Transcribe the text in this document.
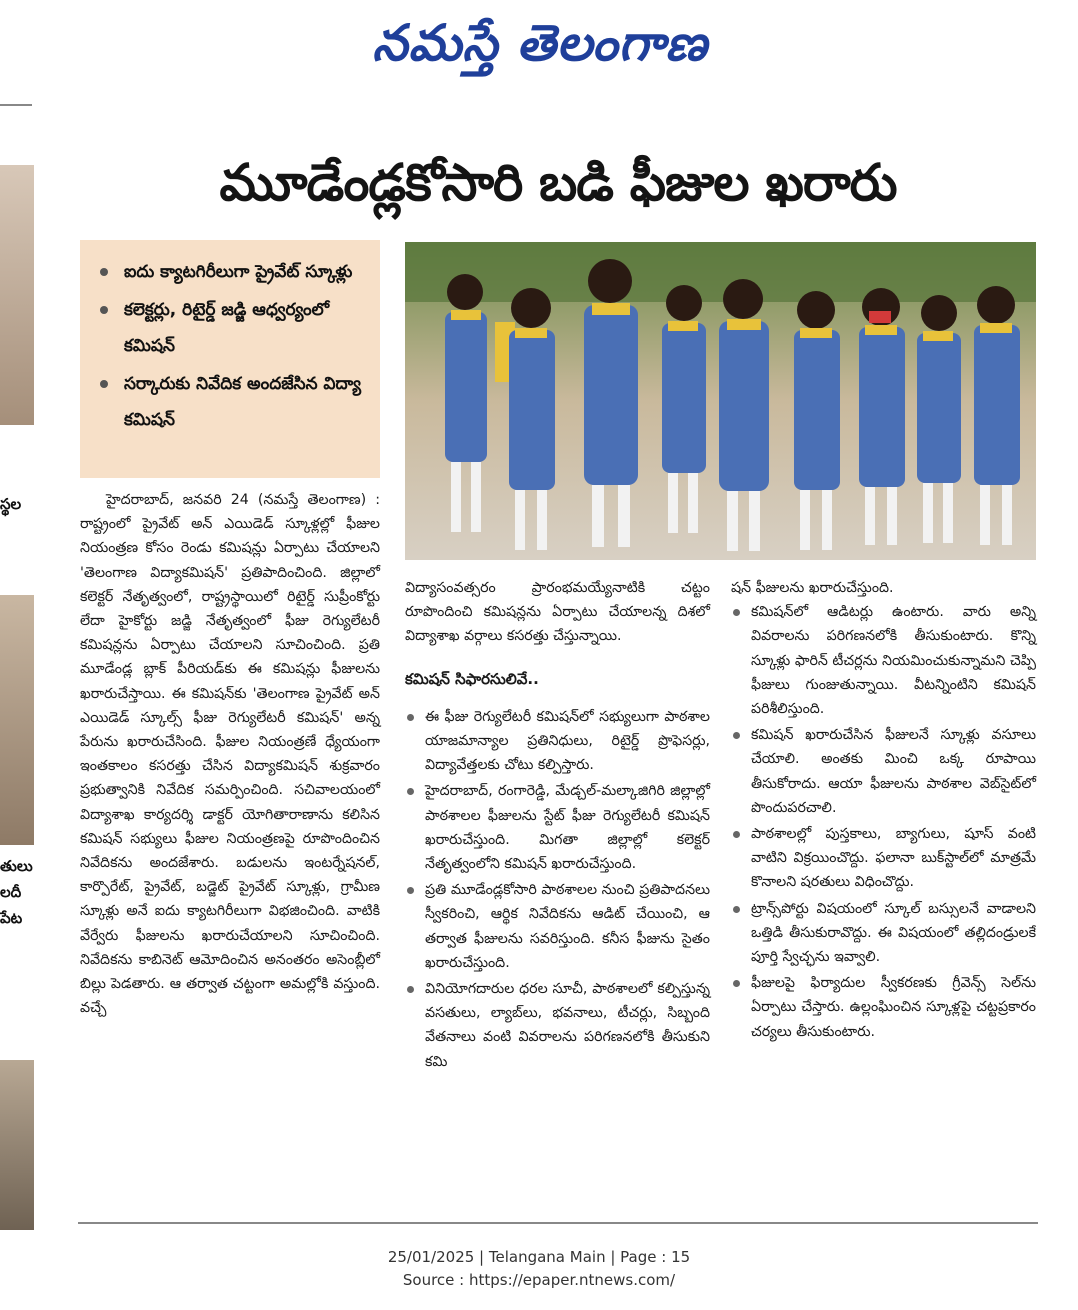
నమస్తే తెలంగాణ
స్థల
తులు
లదీ
పేట
మూడేండ్లకోసారి బడి ఫీజుల ఖరారు
ఐదు క్యాటగిరీలుగా ప్రైవేట్ స్కూళ్లు
కలెక్టర్లు, రిటైర్డ్ జడ్జి ఆధ్వర్యంలో కమిషన్
సర్కారుకు నివేదిక అందజేసిన విద్యా కమిషన్

హైదరాబాద్, జనవరి 24 (నమస్తే తెలంగాణ) : రాష్ట్రంలో ప్రైవేట్ అన్ ఎయిడెడ్ స్కూళ్లల్లో ఫీజుల నియంత్రణ కోసం రెండు కమిషన్లు ఏర్పాటు చేయాలని 'తెలంగాణ విద్యాకమిషన్' ప్రతిపాదించింది. జిల్లాలో కలెక్టర్ నేతృత్వంలో, రాష్ట్రస్థాయిలో రిటైర్డ్ సుప్రీంకోర్టు లేదా హైకోర్టు జడ్జి నేతృత్వంలో ఫీజు రెగ్యులేటరీ కమిషన్లను ఏర్పాటు చేయాలని సూచించింది. ప్రతి మూడేండ్ల బ్లాక్ పీరియడ్‌కు ఈ కమిషన్లు ఫీజులను ఖరారుచేస్తాయి. ఈ కమిషన్‌కు 'తెలంగాణ ప్రైవేట్ అన్ ఎయిడెడ్ స్కూల్స్ ఫీజు రెగ్యులేటరీ కమిషన్' అన్న పేరును ఖరారుచేసింది. ఫీజుల నియంత్రణే ధ్యేయంగా ఇంతకాలం కసరత్తు చేసిన విద్యాకమిషన్ శుక్రవారం ప్రభుత్వానికి నివేదిక సమర్పించింది. సచివాలయంలో విద్యాశాఖ కార్యదర్శి డాక్టర్ యోగితారాణాను కలిసిన కమిషన్ సభ్యులు ఫీజుల నియంత్రణపై రూపొందించిన నివేదికను అందజేశారు. బడులను ఇంటర్నేషనల్, కార్పొరేట్, ప్రైవేట్, బడ్జెట్ ప్రైవేట్ స్కూళ్లు, గ్రామీణ స్కూళ్లు అనే ఐదు క్యాటగిరీలుగా విభజించింది. వాటికి వేర్వేరు ఫీజులను ఖరారుచేయాలని సూచించింది. నివేదికను కాబినెట్ ఆమోదించిన అనంతరం అసెంబ్లీలో బిల్లు పెడతారు. ఆ తర్వాత చట్టంగా అమల్లోకి వస్తుంది. వచ్చే

విద్యాసంవత్సరం ప్రారంభమయ్యేనాటికి చట్టం రూపొందించి కమిషన్లను ఏర్పాటు చేయాలన్న దిశలో విద్యాశాఖ వర్గాలు కసరత్తు చేస్తున్నాయి.

కమిషన్ సిఫారసులివే..
ఈ ఫీజు రెగ్యులేటరీ కమిషన్‌లో సభ్యులుగా పాఠశాల యాజమాన్యాల ప్రతినిధులు, రిటైర్డ్ ప్రొఫెసర్లు, విద్యావేత్తలకు చోటు కల్పిస్తారు.
హైదరాబాద్, రంగారెడ్డి, మేడ్చల్-మల్కాజిగిరి జిల్లాల్లో పాఠశాలల ఫీజులను స్టేట్ ఫీజు రెగ్యులేటరీ కమిషన్ ఖరారుచేస్తుంది. మిగతా జిల్లాల్లో కలెక్టర్ నేతృత్వంలోని కమిషన్ ఖరారుచేస్తుంది.
ప్రతి మూడేండ్లకోసారి పాఠశాలల నుంచి ప్రతిపాదనలు స్వీకరించి, ఆర్థిక నివేదికను ఆడిట్ చేయించి, ఆ తర్వాత ఫీజులను సవరిస్తుంది. కనీస ఫీజును సైతం ఖరారుచేస్తుంది.
వినియోగదారుల ధరల సూచీ, పాఠశాలలో కల్పిస్తున్న వసతులు, ల్యాబ్‌లు, భవనాలు, టీచర్లు, సిబ్బంది వేతనాలు వంటి వివరాలను పరిగణనలోకి తీసుకుని కమి

షన్ ఫీజులను ఖరారుచేస్తుంది.

కమిషన్‌లో ఆడిటర్లు ఉంటారు. వారు అన్ని వివరాలను పరిగణనలోకి తీసుకుంటారు. కొన్ని స్కూళ్లు ఫారిన్ టీచర్లను నియమించుకున్నామని చెప్పి ఫీజులు గుంజుతున్నాయి. వీటన్నింటిని కమిషన్ పరిశీలిస్తుంది.
కమిషన్ ఖరారుచేసిన ఫీజులనే స్కూళ్లు వసూలు చేయాలి. అంతకు మించి ఒక్క రూపాయి తీసుకోరాదు. ఆయా ఫీజులను పాఠశాల వెబ్‌సైట్‌లో పొందుపరచాలి.
పాఠశాలల్లో పుస్తకాలు, బ్యాగులు, షూస్ వంటి వాటిని విక్రయించొద్దు. ఫలానా బుక్‌స్టాల్‌లో మాత్రమే కొనాలని షరతులు విధించొద్దు.
ట్రాన్స్‌పోర్టు విషయంలో స్కూల్ బస్సులనే వాడాలని ఒత్తిడి తీసుకురావొద్దు. ఈ విషయంలో తల్లిదండ్రులకే పూర్తి స్వేచ్ఛను ఇవ్వాలి.
ఫీజులపై ఫిర్యాదుల స్వీకరణకు గ్రీవెన్స్ సెల్‌ను ఏర్పాటు చేస్తారు. ఉల్లంఘించిన స్కూళ్లపై చట్టప్రకారం చర్యలు తీసుకుంటారు.
25/01/2025 | Telangana Main | Page : 15
Source : https://epaper.ntnews.com/
